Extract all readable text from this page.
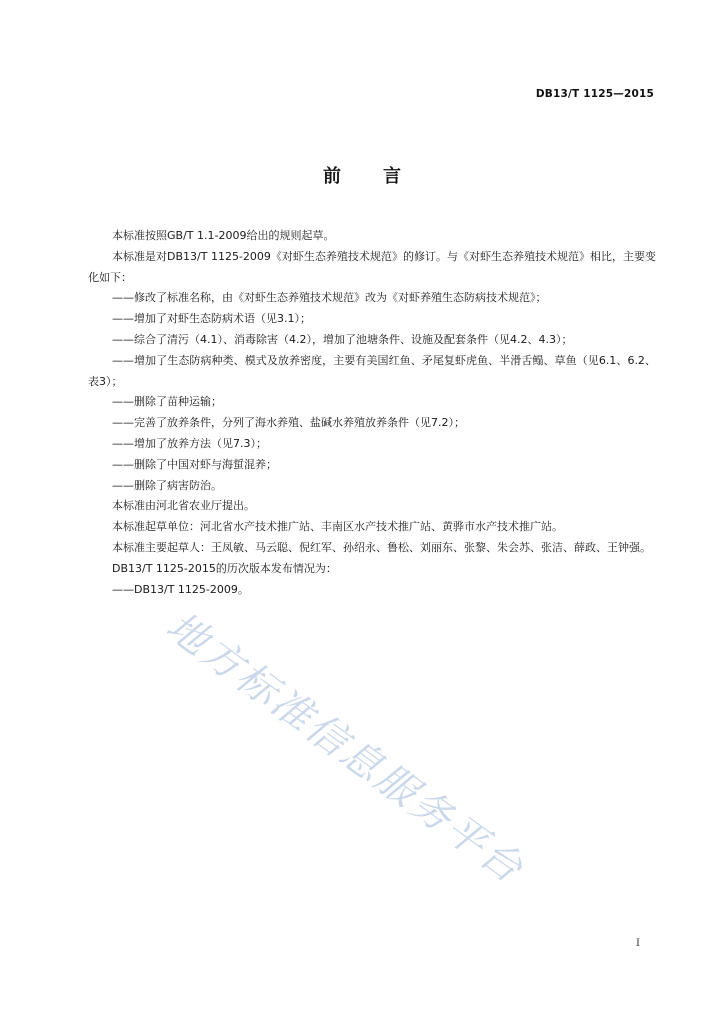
DB13/T 1125—2015
前言

本标准按照GB/T 1.1-2009给出的规则起草。

本标准是对DB13/T 1125-2009《对虾生态养殖技术规范》的修订。与《对虾生态养殖技术规范》相比，主要变化如下：

——修改了标准名称，由《对虾生态养殖技术规范》改为《对虾养殖生态防病技术规范》；

——增加了对虾生态防病术语（见3.1）；

——综合了清污（4.1）、消毒除害（4.2），增加了池塘条件、设施及配套条件（见4.2、4.3）；

——增加了生态防病种类、模式及放养密度，主要有美国红鱼、矛尾复虾虎鱼、半滑舌鳎、草鱼（见6.1、6.2、表3）；

——删除了苗种运输；

——完善了放养条件，分列了海水养殖、盐碱水养殖放养条件（见7.2）；

——增加了放养方法（见7.3）；

——删除了中国对虾与海蜇混养；

——删除了病害防治。

本标准由河北省农业厅提出。

本标准起草单位：河北省水产技术推广站、丰南区水产技术推广站、黄骅市水产技术推广站。

本标准主要起草人：王凤敏、马云聪、倪红军、孙绍永、鲁松、刘丽东、张黎、朱会苏、张洁、薛政、王钟强。

DB13/T 1125-2015的历次版本发布情况为：

——DB13/T 1125-2009。

地方标准信息服务平台
I
